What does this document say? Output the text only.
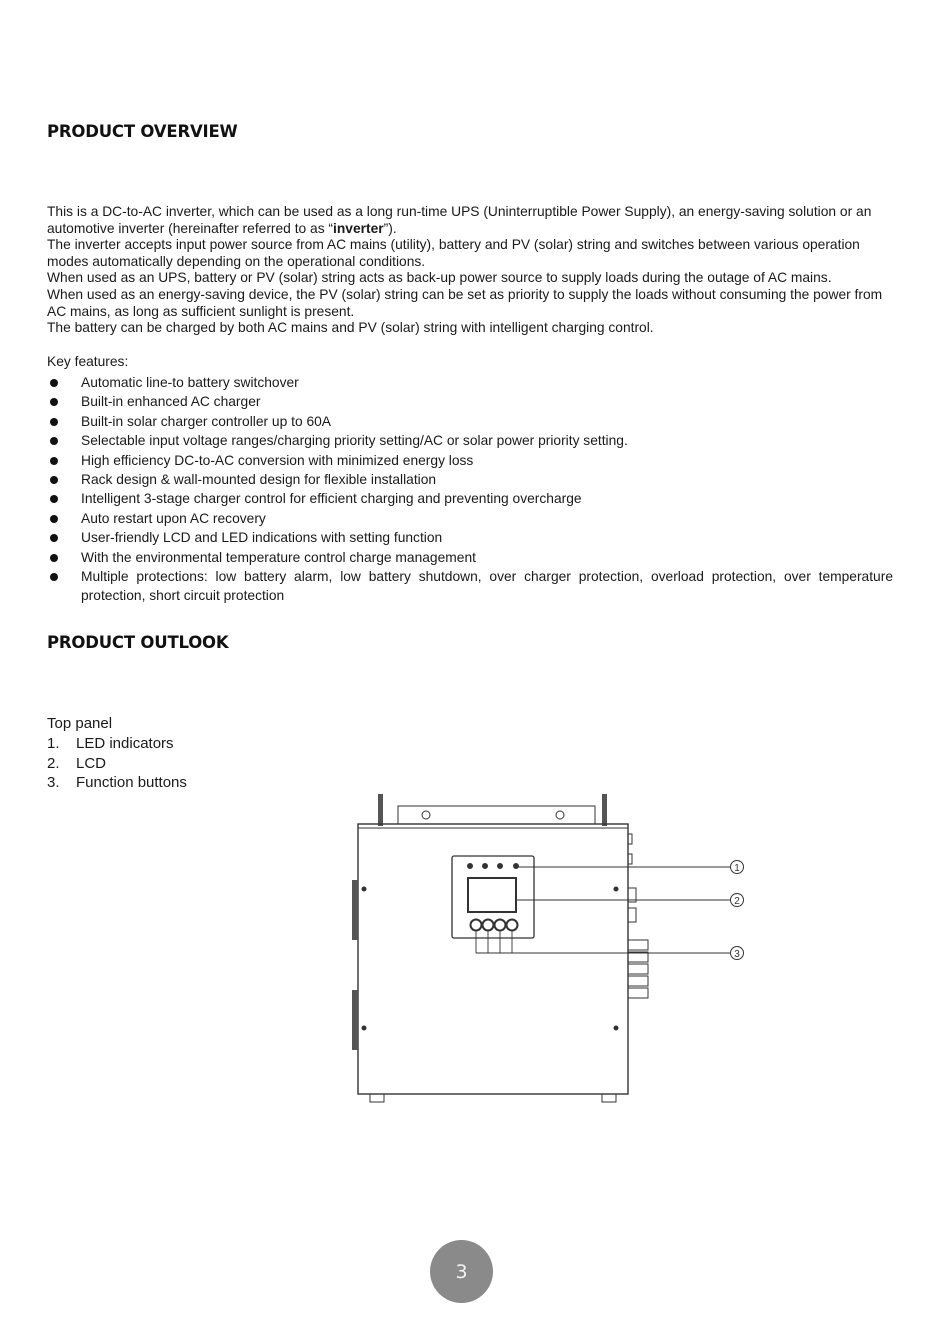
PRODUCT OVERVIEW

This is a DC-to-AC inverter, which can be used as a long run-time UPS (Uninterruptible Power Supply), an energy-saving solution or an automotive inverter (hereinafter referred to as “inverter”).

The inverter accepts input power source from AC mains (utility), battery and PV (solar) string and switches between various operation modes automatically depending on the operational conditions.

When used as an UPS, battery or PV (solar) string acts as back-up power source to supply loads during the outage of AC mains.

When used as an energy-saving device, the PV (solar) string can be set as priority to supply the loads without consuming the power from AC mains, as long as sufficient sunlight is present.

The battery can be charged by both AC mains and PV (solar) string with intelligent charging control.

Key features:
Automatic line-to battery switchover
Built-in enhanced AC charger
Built-in solar charger controller up to 60A
Selectable input voltage ranges/charging priority setting/AC or solar power priority setting.
High efficiency DC-to-AC conversion with minimized energy loss
Rack design & wall-mounted design for flexible installation
Intelligent 3-stage charger control for efficient charging and preventing overcharge
Auto restart upon AC recovery
User-friendly LCD and LED indications with setting function
With the environmental temperature control charge management
Multiple protections: low battery alarm, low battery shutdown, over charger protection, overload protection, over temperature protection, short circuit protection
PRODUCT OUTLOOK
Top panel
1.	LED indicators
2.	LCD
3.	Function buttons
1
2
3
3
